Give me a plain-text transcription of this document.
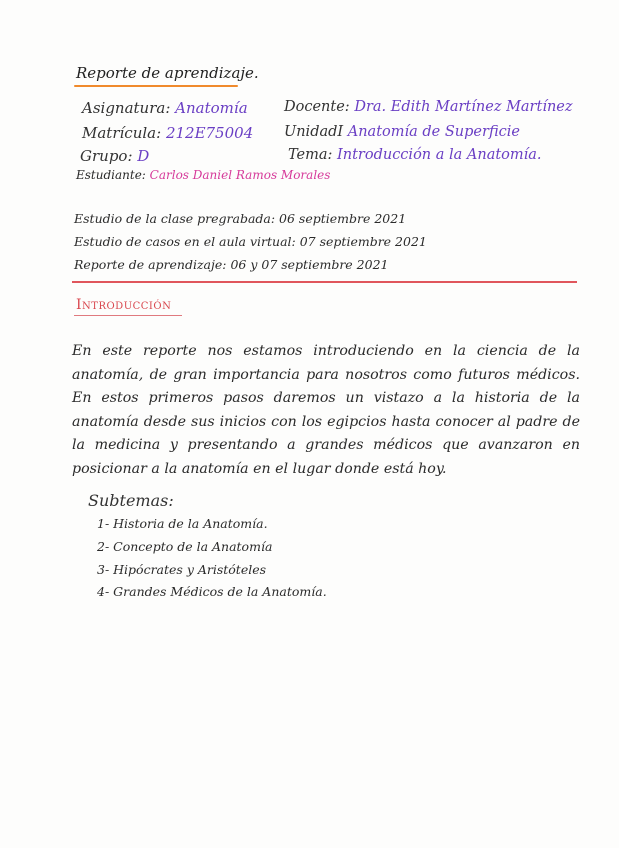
Reporte de aprendizaje.
Asignatura: Anatomía
Matrícula: 212E75004
Grupo: D
Estudiante: Carlos Daniel Ramos Morales
Docente: Dra. Edith Martínez Martínez
UnidadI Anatomía de Superficie
Tema: Introducción a la Anatomía.
Estudio de la clase pregrabada: 06 septiembre 2021
Estudio de casos en el aula virtual: 07 septiembre 2021
Reporte de aprendizaje: 06 y 07 septiembre 2021
Introducción
En este reporte nos estamos introduciendo en la ciencia de la anatomía, de gran importancia para nosotros como futuros médicos. En estos primeros pasos daremos un vistazo a la historia de la anatomía desde sus inicios con los egipcios hasta conocer al padre de la medicina y presentando a grandes médicos que avanzaron en posicionar a la anatomía en el lugar donde está hoy.
Subtemas:
1- Historia de la Anatomía.
2- Concepto de la Anatomía
3- Hipócrates y Aristóteles
4- Grandes Médicos de la Anatomía.
